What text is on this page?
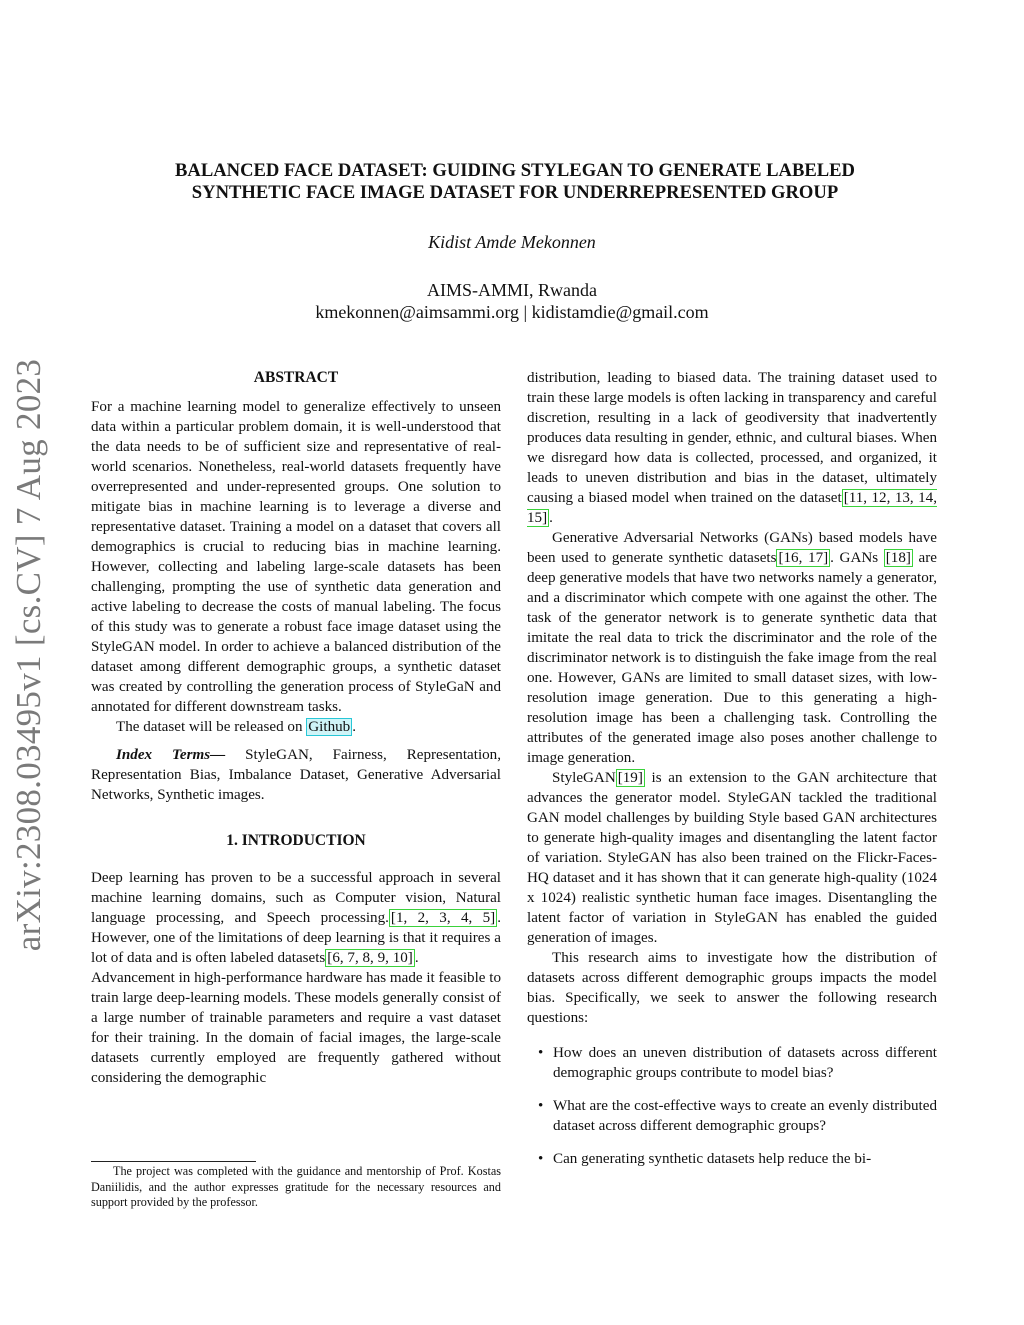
arXiv:2308.03495v1 [cs.CV] 7 Aug 2023
BALANCED FACE DATASET: GUIDING STYLEGAN TO GENERATE LABELED
SYNTHETIC FACE IMAGE DATASET FOR UNDERREPRESENTED GROUP
Kidist Amde Mekonnen
AIMS-AMMI, Rwanda
kmekonnen@aimsammi.org | kidistamdie@gmail.com
ABSTRACT

For a machine learning model to generalize effectively to unseen data within a particular problem domain, it is well-understood that the data needs to be of sufficient size and representative of real-world scenarios. Nonetheless, real-world datasets frequently have overrepresented and under-represented groups. One solution to mitigate bias in machine learning is to leverage a diverse and representative dataset. Training a model on a dataset that covers all demographics is crucial to reducing bias in machine learning. However, collecting and labeling large-scale datasets has been challenging, prompting the use of synthetic data generation and active labeling to decrease the costs of manual labeling. The focus of this study was to generate a robust face image dataset using the StyleGAN model. In order to achieve a balanced distribution of the dataset among different demographic groups, a synthetic dataset was created by controlling the generation process of StyleGaN and annotated for different downstream tasks.

The dataset will be released on Github .

Index Terms— StyleGAN, Fairness, Representation, Representation Bias, Imbalance Dataset, Generative Adversarial Networks, Synthetic images.

1. INTRODUCTION

Deep learning has proven to be a successful approach in several machine learning domains, such as Computer vision, Natural language processing, and Speech processing. [1, 2, 3, 4, 5] . However, one of the limitations of deep learning is that it requires a lot of data and is often labeled datasets [6, 7, 8, 9, 10] .

Advancement in high-performance hardware has made it feasible to train large deep-learning models. These models generally consist of a large number of trainable parameters and require a vast dataset for their training. In the domain of facial images, the large-scale datasets currently employed are frequently gathered without considering the demographic

The project was completed with the guidance and mentorship of Prof. Kostas Daniilidis, and the author expresses gratitude for the necessary resources and support provided by the professor.

distribution, leading to biased data. The training dataset used to train these large models is often lacking in transparency and careful discretion, resulting in a lack of geodiversity that inadvertently produces data resulting in gender, ethnic, and cultural biases. When we disregard how data is collected, processed, and organized, it leads to uneven distribution and bias in the dataset, ultimately causing a biased model when trained on the dataset [11, 12, 13, 14, 15] .

Generative Adversarial Networks (GANs) based models have been used to generate synthetic datasets [16, 17] . GANs [18] are deep generative models that have two networks namely a generator, and a discriminator which compete with one against the other. The task of the generator network is to generate synthetic data that imitate the real data to trick the discriminator and the role of the discriminator network is to distinguish the fake image from the real one. However, GANs are limited to small dataset sizes, with low-resolution image generation. Due to this generating a high-resolution image has been a challenging task. Controlling the attributes of the generated image also poses another challenge to image generation.

StyleGAN [19] is an extension to the GAN architecture that advances the generator model. StyleGAN tackled the traditional GAN model challenges by building Style based GAN architectures to generate high-quality images and disentangling the latent factor of variation. StyleGAN has also been trained on the Flickr-Faces-HQ dataset and it has shown that it can generate high-quality (1024 x 1024) realistic synthetic human face images. Disentangling the latent factor of variation in StyleGAN has enabled the guided generation of images.

This research aims to investigate how the distribution of datasets across different demographic groups impacts the model bias. Specifically, we seek to answer the following research questions:

• How does an uneven distribution of datasets across different demographic groups contribute to model bias?
• What are the cost-effective ways to create an evenly distributed dataset across different demographic groups?
• Can generating synthetic datasets help reduce the bi-
